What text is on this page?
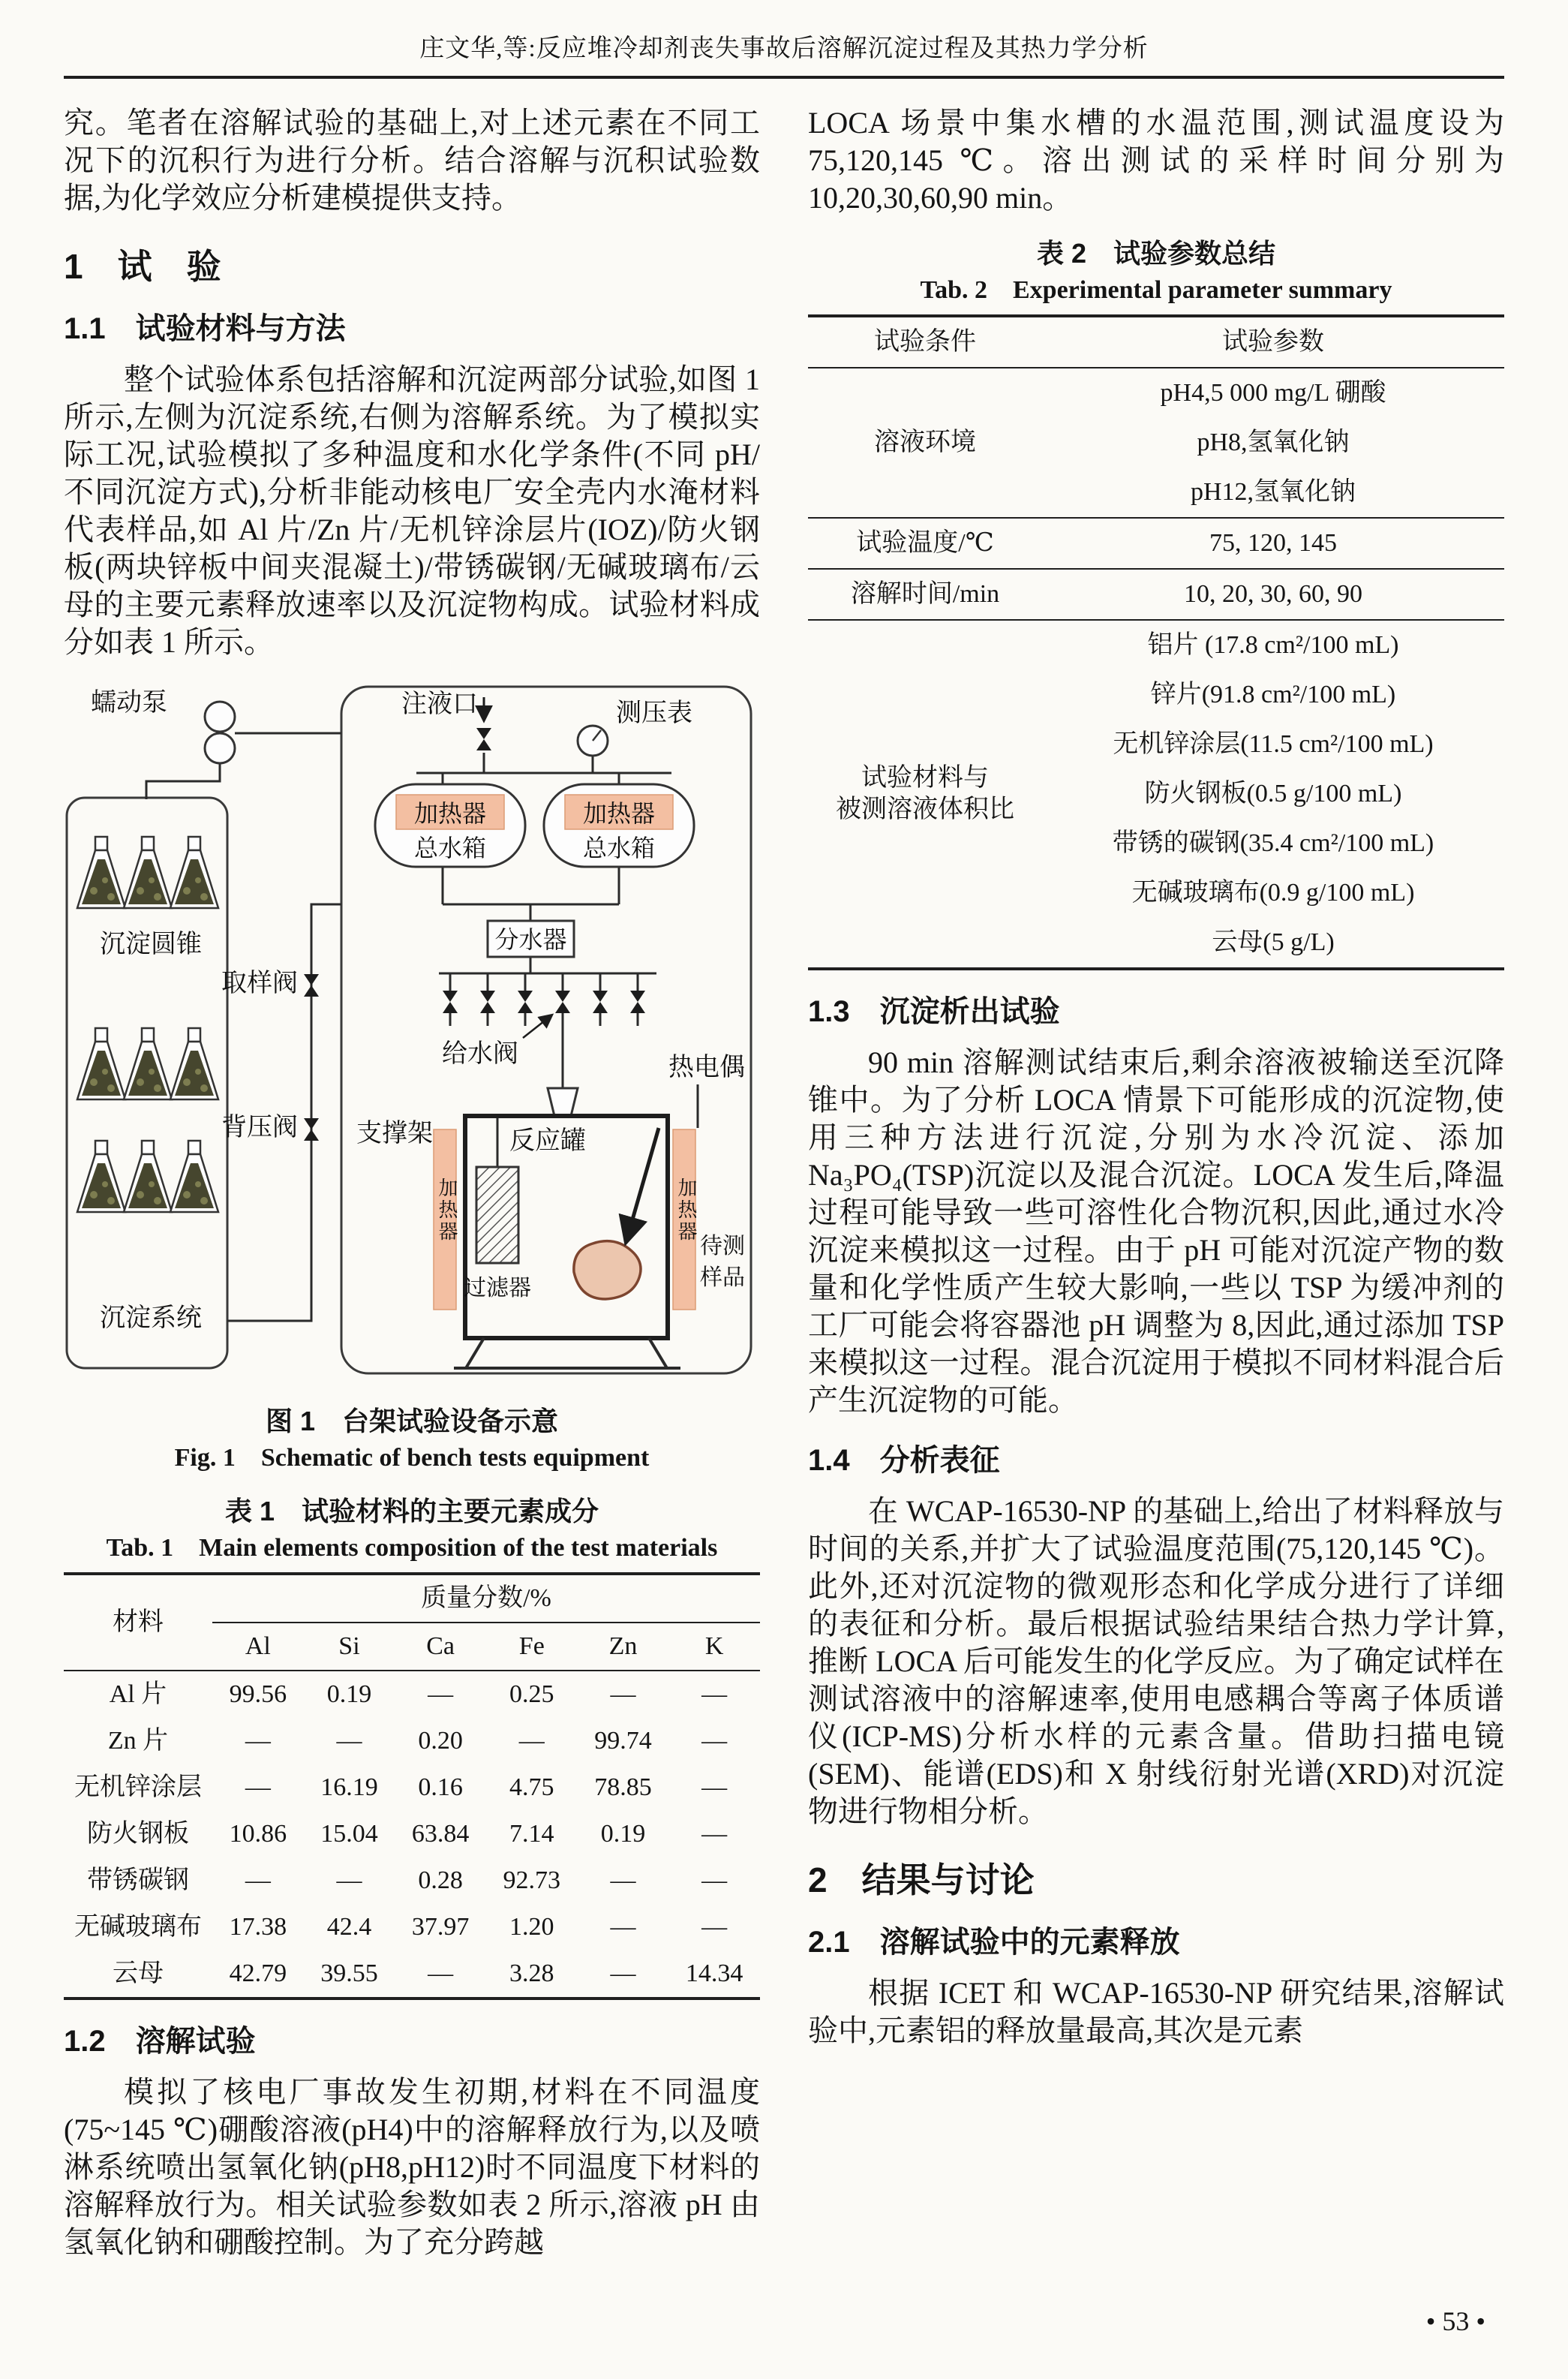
庄文华,等:反应堆冷却剂丧失事故后溶解沉淀过程及其热力学分析

究。笔者在溶解试验的基础上,对上述元素在不同工况下的沉积行为进行分析。结合溶解与沉积试验数据,为化学效应分析建模提供支持。

1　试　验
1.1　试验材料与方法

整个试验体系包括溶解和沉淀两部分试验,如图 1 所示,左侧为沉淀系统,右侧为溶解系统。为了模拟实际工况,试验模拟了多种温度和水化学条件(不同 pH/不同沉淀方式),分析非能动核电厂安全壳内水淹材料代表样品,如 Al 片/Zn 片/无机锌涂层片(IOZ)/防火钢板(两块锌板中间夹混凝土)/带锈碳钢/无碱玻璃布/云母的主要元素释放速率以及沉淀物构成。试验材料成分如表 1 所示。

蠕动泵	注液口	测压表
加热器
总水箱
加热器
总水箱
分水器
给水阀	热电偶
取样阀
背压阀 支撑架	反应罐
加热器	加热器
过滤器
待测
样品
沉淀圆锥
沉淀系统
图 1　台架试验设备示意
Fig. 1　Schematic of bench tests equipment
表 1　试验材料的主要元素成分
Tab. 1　Main elements composition of the test materials
材料	质量分数/%					
	Al	Si	Ca	Fe	Zn	K
Al 片	99.56	0.19	—	0.25	—	—
Zn 片	—	—	0.20	—	99.74	—
无机锌涂层	—	16.19	0.16	4.75	78.85	—
防火钢板	10.86	15.04	63.84	7.14	0.19	—
带锈碳钢	—	—	0.28	92.73	—	—
无碱玻璃布	17.38	42.4	37.97	1.20	—	—
云母	42.79	39.55	—	3.28	—	14.34
1.2　溶解试验

模拟了核电厂事故发生初期,材料在不同温度(75~145 ℃)硼酸溶液(pH4)中的溶解释放行为,以及喷淋系统喷出氢氧化钠(pH8,pH12)时不同温度下材料的溶解释放行为。相关试验参数如表 2 所示,溶液 pH 由氢氧化钠和硼酸控制。为了充分跨越

LOCA 场景中集水槽的水温范围,测试温度设为 75,120,145 ℃。溶出测试的采样时间分别为 10,20,30,60,90 min。

表 2　试验参数总结
Tab. 2　Experimental parameter summary
试验条件	试验参数
溶液环境	pH4,5 000 mg/L 硼酸
	pH8,氢氧化钠
	pH12,氢氧化钠
试验温度/℃	75, 120, 145
溶解时间/min	10, 20, 30, 60, 90

试验材料与
被测溶液体积比	铝片 (17.8 cm²/100 mL)
	锌片(91.8 cm²/100 mL)
	无机锌涂层(11.5 cm²/100 mL)
	防火钢板(0.5 g/100 mL)
	带锈的碳钢(35.4 cm²/100 mL)
	无碱玻璃布(0.9 g/100 mL)
	云母(5 g/L)
1.3　沉淀析出试验

90 min 溶解测试结束后,剩余溶液被输送至沉降锥中。为了分析 LOCA 情景下可能形成的沉淀物,使用三种方法进行沉淀,分别为水冷沉淀、添加 Na₃PO₄(TSP)沉淀以及混合沉淀。LOCA 发生后,降温过程可能导致一些可溶性化合物沉积,因此,通过水冷沉淀来模拟这一过程。由于 pH 可能对沉淀产物的数量和化学性质产生较大影响,一些以 TSP 为缓冲剂的工厂可能会将容器池 pH 调整为 8,因此,通过添加 TSP 来模拟这一过程。混合沉淀用于模拟不同材料混合后产生沉淀物的可能。

1.4　分析表征

在 WCAP-16530-NP 的基础上,给出了材料释放与时间的关系,并扩大了试验温度范围(75,120,145 ℃)。此外,还对沉淀物的微观形态和化学成分进行了详细的表征和分析。最后根据试验结果结合热力学计算,推断 LOCA 后可能发生的化学反应。为了确定试样在测试溶液中的溶解速率,使用电感耦合等离子体质谱仪(ICP-MS)分析水样的元素含量。借助扫描电镜(SEM)、能谱(EDS)和 X 射线衍射光谱(XRD)对沉淀物进行物相分析。

2　结果与讨论
2.1　溶解试验中的元素释放

根据 ICET 和 WCAP-16530-NP 研究结果,溶解试验中,元素铝的释放量最高,其次是元素

• 53 •
